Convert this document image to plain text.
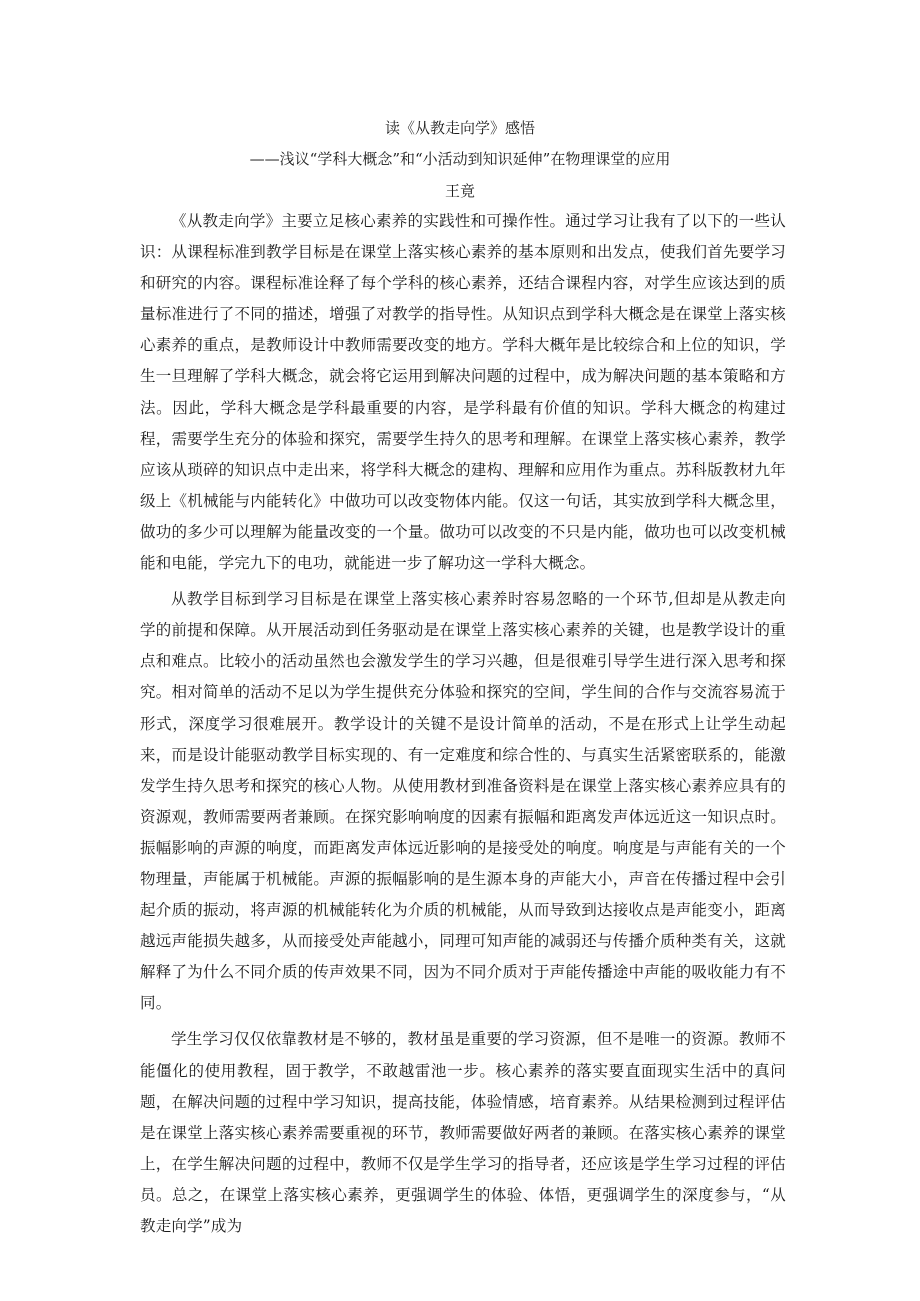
读《从教走向学》感悟
——浅议“学科大概念”和“小活动到知识延伸”在物理课堂的应用
王竟

《从教走向学》主要立足核心素养的实践性和可操作性。通过学习让我有了以下的一些认识：从课程标准到教学目标是在课堂上落实核心素养的基本原则和出发点，使我们首先要学习和研究的内容。课程标准诠释了每个学科的核心素养，还结合课程内容，对学生应该达到的质量标准进行了不同的描述，增强了对教学的指导性。从知识点到学科大概念是在课堂上落实核心素养的重点，是教师设计中教师需要改变的地方。学科大概年是比较综合和上位的知识，学生一旦理解了学科大概念，就会将它运用到解决问题的过程中，成为解决问题的基本策略和方法。因此，学科大概念是学科最重要的内容，是学科最有价值的知识。学科大概念的构建过程，需要学生充分的体验和探究，需要学生持久的思考和理解。在课堂上落实核心素养，教学应该从琐碎的知识点中走出来，将学科大概念的建构、理解和应用作为重点。苏科版教材九年级上《机械能与内能转化》中做功可以改变物体内能。仅这一句话，其实放到学科大概念里，做功的多少可以理解为能量改变的一个量。做功可以改变的不只是内能，做功也可以改变机械能和电能，学完九下的电功，就能进一步了解功这一学科大概念。

从教学目标到学习目标是在课堂上落实核心素养时容易忽略的一个环节,但却是从教走向学的前提和保障。从开展活动到任务驱动是在课堂上落实核心素养的关键，也是教学设计的重点和难点。比较小的活动虽然也会激发学生的学习兴趣，但是很难引导学生进行深入思考和探究。相对简单的活动不足以为学生提供充分体验和探究的空间，学生间的合作与交流容易流于形式，深度学习很难展开。教学设计的关键不是设计简单的活动，不是在形式上让学生动起来，而是设计能驱动教学目标实现的、有一定难度和综合性的、与真实生活紧密联系的，能激发学生持久思考和探究的核心人物。从使用教材到准备资料是在课堂上落实核心素养应具有的资源观，教师需要两者兼顾。在探究影响响度的因素有振幅和距离发声体远近这一知识点时。振幅影响的声源的响度，而距离发声体远近影响的是接受处的响度。响度是与声能有关的一个物理量，声能属于机械能。声源的振幅影响的是生源本身的声能大小，声音在传播过程中会引起介质的振动，将声源的机械能转化为介质的机械能，从而导致到达接收点是声能变小，距离越远声能损失越多，从而接受处声能越小，同理可知声能的减弱还与传播介质种类有关，这就解释了为什么不同介质的传声效果不同，因为不同介质对于声能传播途中声能的吸收能力有不同。

学生学习仅仅依靠教材是不够的，教材虽是重要的学习资源，但不是唯一的资源。教师不能僵化的使用教程，固于教学，不敢越雷池一步。核心素养的落实要直面现实生活中的真问题，在解决问题的过程中学习知识，提高技能，体验情感，培育素养。从结果检测到过程评估是在课堂上落实核心素养需要重视的环节，教师需要做好两者的兼顾。在落实核心素养的课堂上，在学生解决问题的过程中，教师不仅是学生学习的指导者，还应该是学生学习过程的评估员。总之，在课堂上落实核心素养，更强调学生的体验、体悟，更强调学生的深度参与，“从教走向学”成为
